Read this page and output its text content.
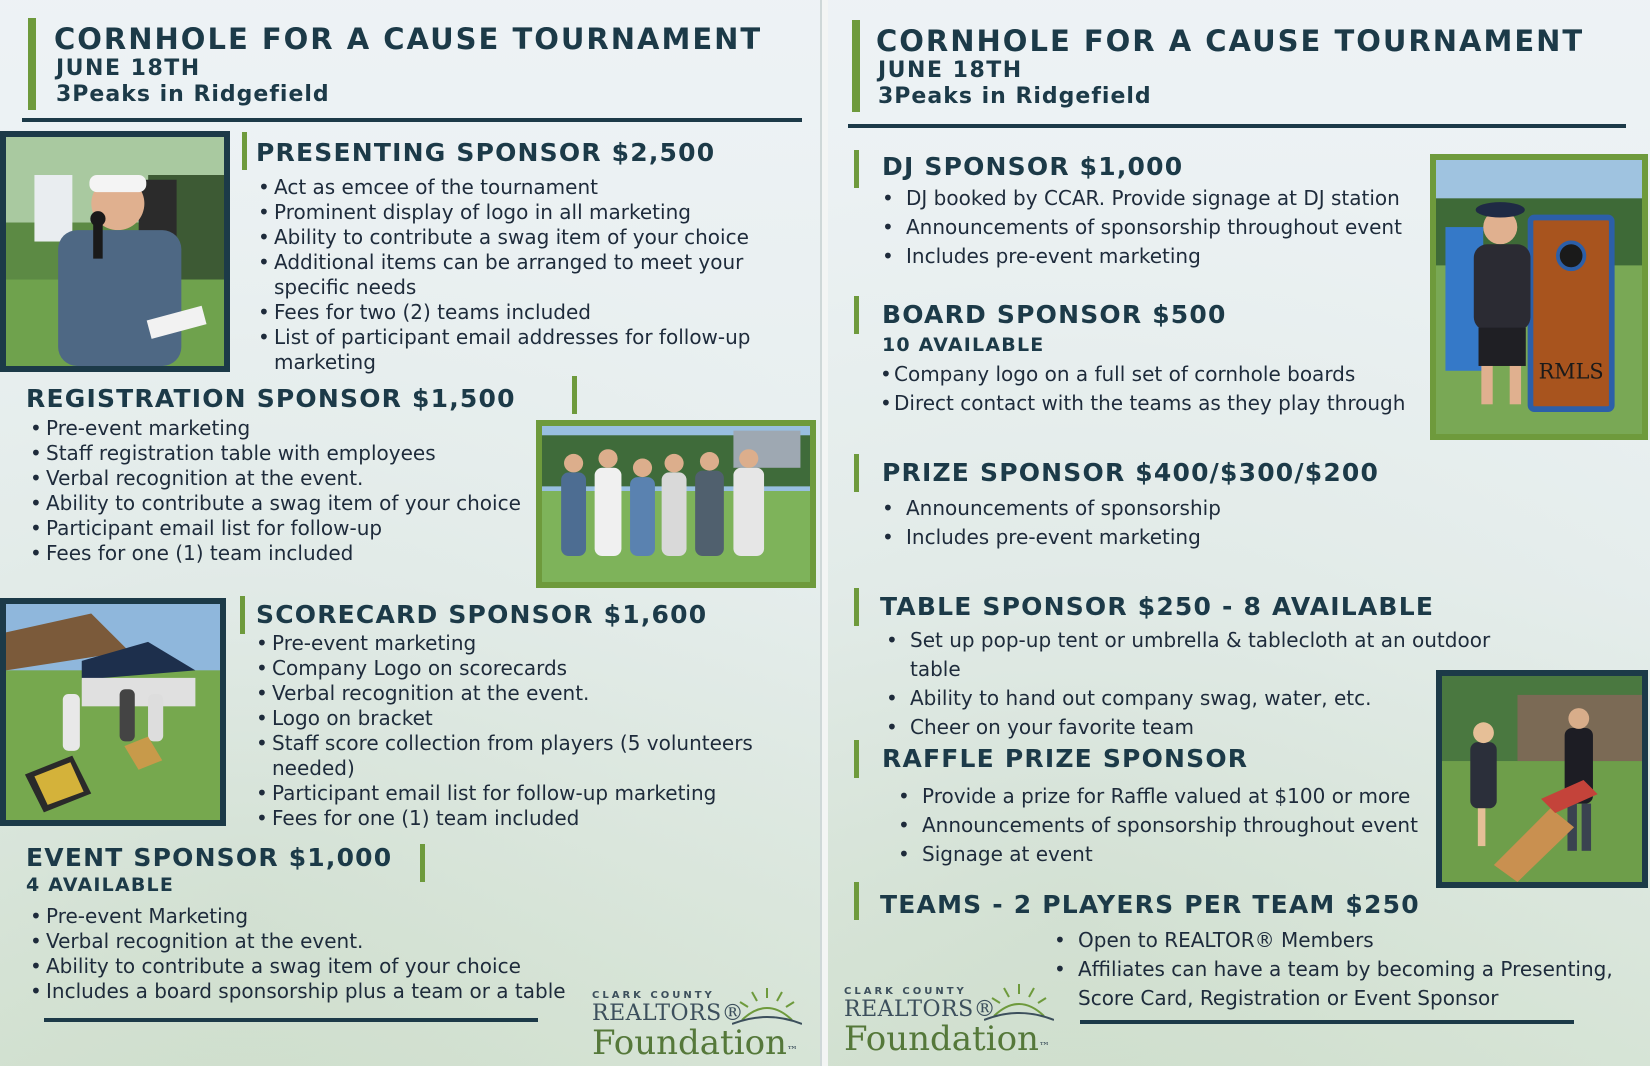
CORNHOLE FOR A CAUSE TOURNAMENT
JUNE 18TH
3Peaks in Ridgefield
PRESENTING SPONSOR $2,500
• Act as emcee of the tournament
• Prominent display of logo in all marketing
• Ability to contribute a swag item of your choice
• Additional items can be arranged to meet your specific needs
• Fees for two (2) teams included
• List of participant email addresses for follow-up marketing
REGISTRATION SPONSOR $1,500
• Pre-event marketing
• Staff registration table with employees
• Verbal recognition at the event.
• Ability to contribute a swag item of your choice
• Participant email list for follow-up
• Fees for one (1) team included
SCORECARD SPONSOR $1,600
• Pre-event marketing
• Company Logo on scorecards
• Verbal recognition at the event.
• Logo on bracket
• Staff score collection from players (5 volunteers needed)
• Participant email list for follow-up marketing
• Fees for one (1) team included
EVENT SPONSOR $1,000
4 AVAILABLE
• Pre-event Marketing
• Verbal recognition at the event.
• Ability to contribute a swag item of your choice
• Includes a board sponsorship plus a team or a table	CLARK COUNTY
REALTORS®
Foundation™
CORNHOLE FOR A CAUSE TOURNAMENT
JUNE 18TH
3Peaks in Ridgefield
DJ SPONSOR $1,000
• DJ booked by CCAR. Provide signage at DJ station
• Announcements of sponsorship throughout event
• Includes pre-event marketing
RMLS
BOARD SPONSOR $500
10 AVAILABLE
• Company logo on a full set of cornhole boards
• Direct contact with the teams as they play through
PRIZE SPONSOR $400/$300/$200
• Announcements of sponsorship
• Includes pre-event marketing
TABLE SPONSOR $250 - 8 AVAILABLE
• Set up pop-up tent or umbrella & tablecloth at an outdoor table
• Ability to hand out company swag, water, etc.
• Cheer on your favorite team
RAFFLE PRIZE SPONSOR
• Provide a prize for Raffle valued at $100 or more
• Announcements of sponsorship throughout event
• Signage at event
TEAMS - 2 PLAYERS PER TEAM $250
• Open to REALTOR® Members
• Affiliates can have a team by becoming a Presenting, Score Card, Registration or Event Sponsor
CLARK COUNTY
REALTORS®
Foundation™
